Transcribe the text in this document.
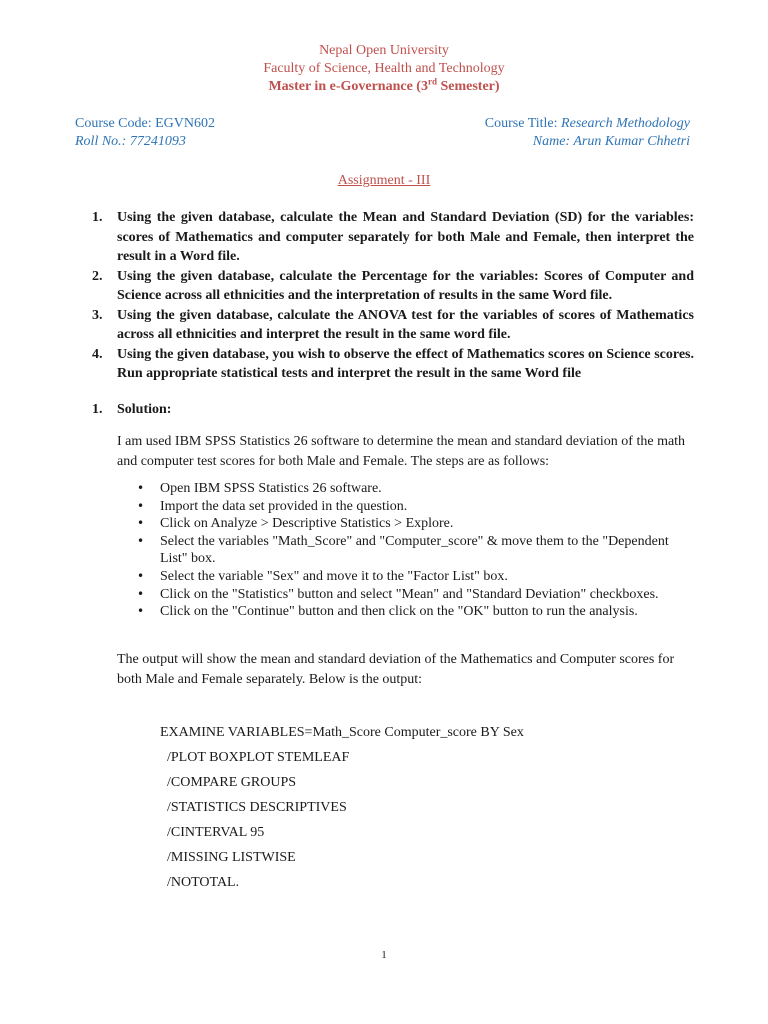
Nepal Open University
Faculty of Science, Health and Technology
Master in e-Governance (3rd Semester)
Course Code: EGVN602	Course Title: Research Methodology
Roll No.: 77241093	Name: Arun Kumar Chhetri
Assignment - III
1. Using the given database, calculate the Mean and Standard Deviation (SD) for the variables: scores of Mathematics and computer separately for both Male and Female, then interpret the result in a Word file.
2. Using the given database, calculate the Percentage for the variables: Scores of Computer and Science across all ethnicities and the interpretation of results in the same Word file.
3. Using the given database, calculate the ANOVA test for the variables of scores of Mathematics across all ethnicities and interpret the result in the same word file.
4. Using the given database, you wish to observe the effect of Mathematics scores on Science scores. Run appropriate statistical tests and interpret the result in the same Word file
1. Solution:
I am used IBM SPSS Statistics 26 software to determine the mean and standard deviation of the math and computer test scores for both Male and Female. The steps are as follows:
• Open IBM SPSS Statistics 26 software.
• Import the data set provided in the question.
• Click on Analyze > Descriptive Statistics > Explore.
• Select the variables "Math_Score" and "Computer_score" & move them to the "Dependent List" box.
• Select the variable "Sex" and move it to the "Factor List" box.
• Click on the "Statistics" button and select "Mean" and "Standard Deviation" checkboxes.
• Click on the "Continue" button and then click on the "OK" button to run the analysis.
The output will show the mean and standard deviation of the Mathematics and Computer scores for both Male and Female separately. Below is the output:
EXAMINE VARIABLES=Math_Score Computer_score BY Sex
/PLOT BOXPLOT STEMLEAF
/COMPARE GROUPS
/STATISTICS DESCRIPTIVES
/CINTERVAL 95
/MISSING LISTWISE
/NOTOTAL.
1
